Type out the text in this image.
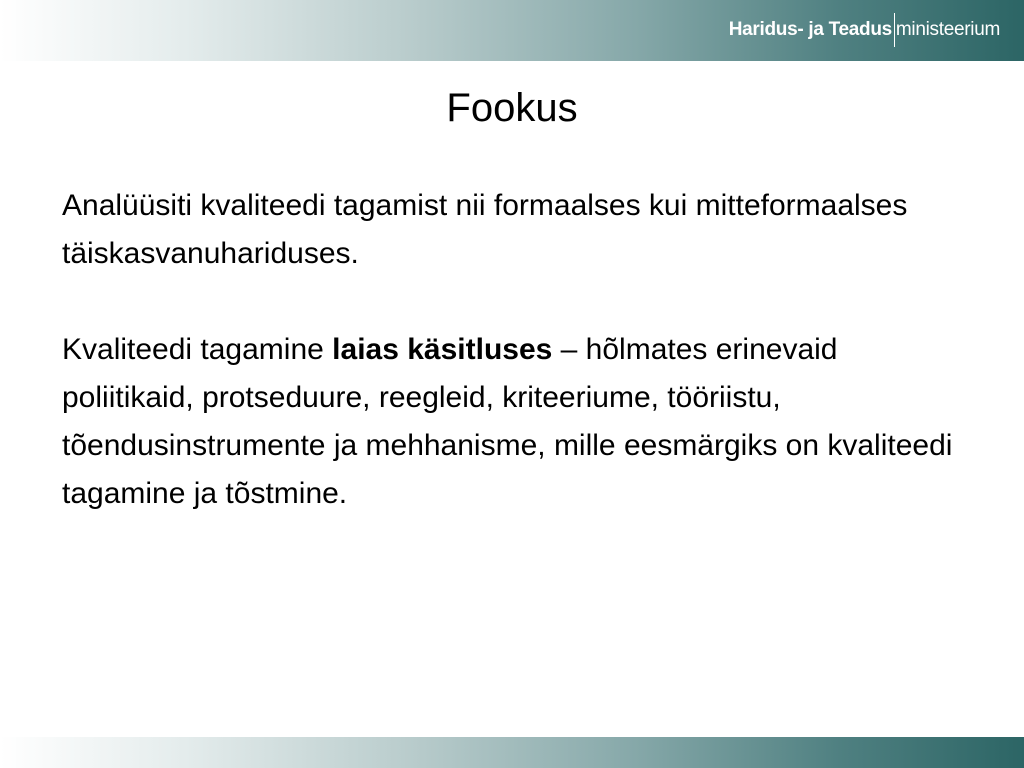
Haridus- ja Teadus ministeerium
Fookus

Analüüsiti kvaliteedi tagamist nii formaalses kui mitteformaalses täiskasvanuhariduses.

Kvaliteedi tagamine laias käsitluses – hõlmates erinevaid poliitikaid, protseduure, reegleid, kriteeriume, tööriistu, tõendusinstrumente ja mehhanisme, mille eesmärgiks on kvaliteedi tagamine ja tõstmine.
